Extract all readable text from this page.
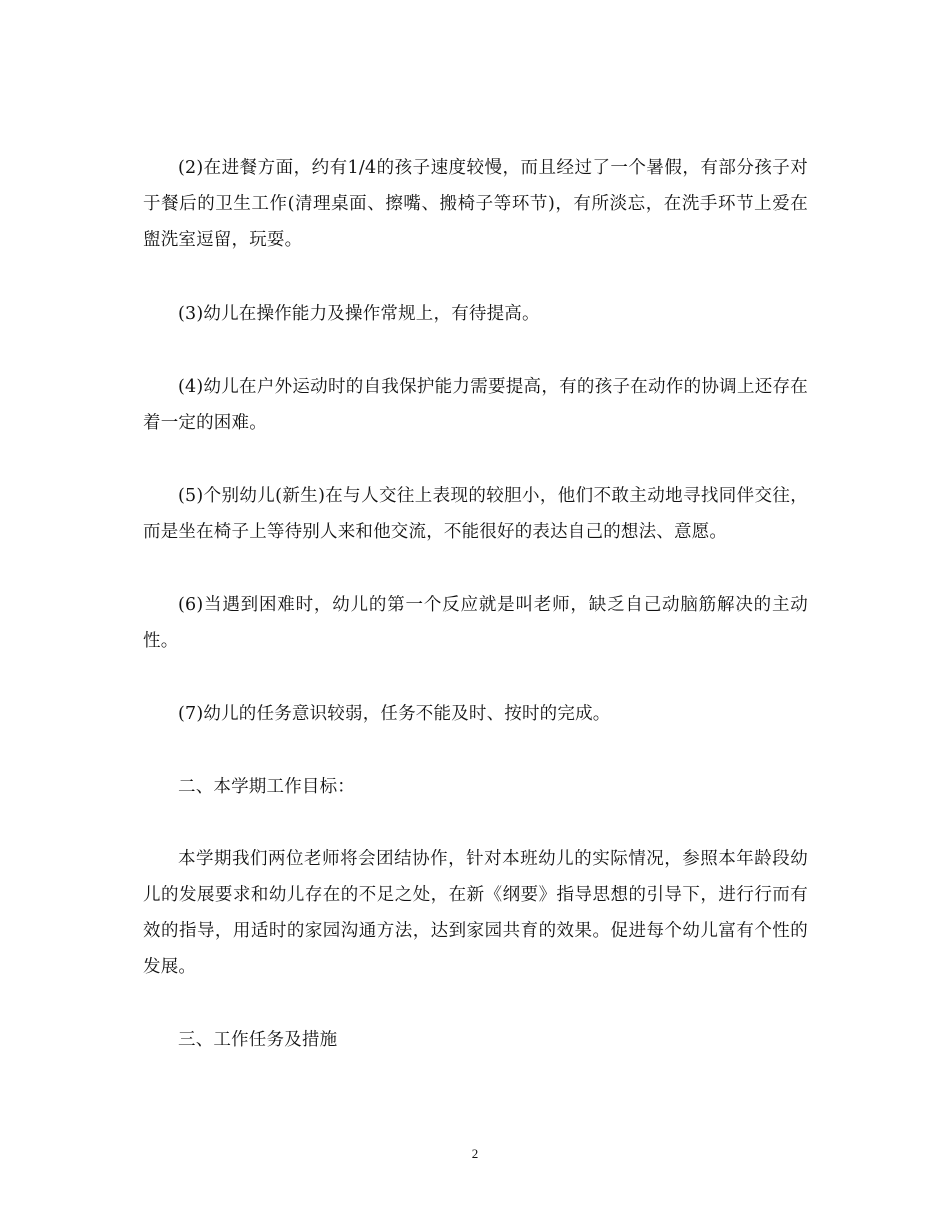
(2)在进餐方面，约有1/4的孩子速度较慢，而且经过了一个暑假，有部分孩子对于餐后的卫生工作(清理桌面、擦嘴、搬椅子等环节)，有所淡忘，在洗手环节上爱在盥洗室逗留，玩耍。

(3)幼儿在操作能力及操作常规上，有待提高。

(4)幼儿在户外运动时的自我保护能力需要提高，有的孩子在动作的协调上还存在着一定的困难。

(5)个别幼儿(新生)在与人交往上表现的较胆小，他们不敢主动地寻找同伴交往，而是坐在椅子上等待别人来和他交流，不能很好的表达自己的想法、意愿。

(6)当遇到困难时，幼儿的第一个反应就是叫老师，缺乏自己动脑筋解决的主动性。

(7)幼儿的任务意识较弱，任务不能及时、按时的完成。

二、本学期工作目标：

本学期我们两位老师将会团结协作，针对本班幼儿的实际情况，参照本年龄段幼儿的发展要求和幼儿存在的不足之处，在新《纲要》指导思想的引导下，进行行而有效的指导，用适时的家园沟通方法，达到家园共育的效果。促进每个幼儿富有个性的发展。

三、工作任务及措施

2
